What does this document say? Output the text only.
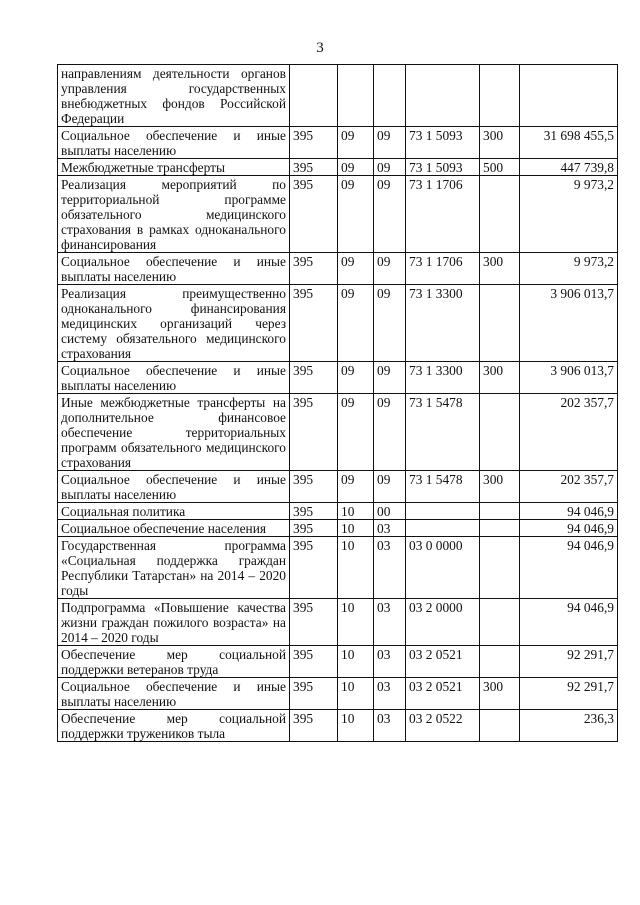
3
направлениям деятельности органов управления государственных внебюджетных фондов Российской Федерации						
Социальное обеспечение и иные выплаты населению	395	09	09	73 1 5093	300	31 698 455,5
Межбюджетные трансферты	395	09	09	73 1 5093	500	447 739,8
Реализация мероприятий по территориальной программе обязательного медицинского страхования в рамках одноканального финансирования	395	09	09	73 1 1706		9 973,2
Социальное обеспечение и иные выплаты населению	395	09	09	73 1 1706	300	9 973,2
Реализация преимущественно одноканального финансирования медицинских организаций через систему обязательного медицинского страхования	395	09	09	73 1 3300		3 906 013,7
Социальное обеспечение и иные выплаты населению	395	09	09	73 1 3300	300	3 906 013,7
Иные межбюджетные трансферты на дополнительное финансовое обеспечение территориальных программ обязательного медицинского страхования	395	09	09	73 1 5478		202 357,7
Социальное обеспечение и иные выплаты населению	395	09	09	73 1 5478	300	202 357,7
Социальная политика	395	10	00			94 046,9
Социальное обеспечение населения	395	10	03			94 046,9
Государственная программа «Социальная поддержка граждан Республики Татарстан» на 2014 – 2020 годы	395	10	03	03 0 0000		94 046,9
Подпрограмма «Повышение качества жизни граждан пожилого возраста» на 2014 – 2020 годы	395	10	03	03 2 0000		94 046,9
Обеспечение мер социальной поддержки ветеранов труда	395	10	03	03 2 0521		92 291,7
Социальное обеспечение и иные выплаты населению	395	10	03	03 2 0521	300	92 291,7
Обеспечение мер социальной поддержки тружеников тыла	395	10	03	03 2 0522		236,3
